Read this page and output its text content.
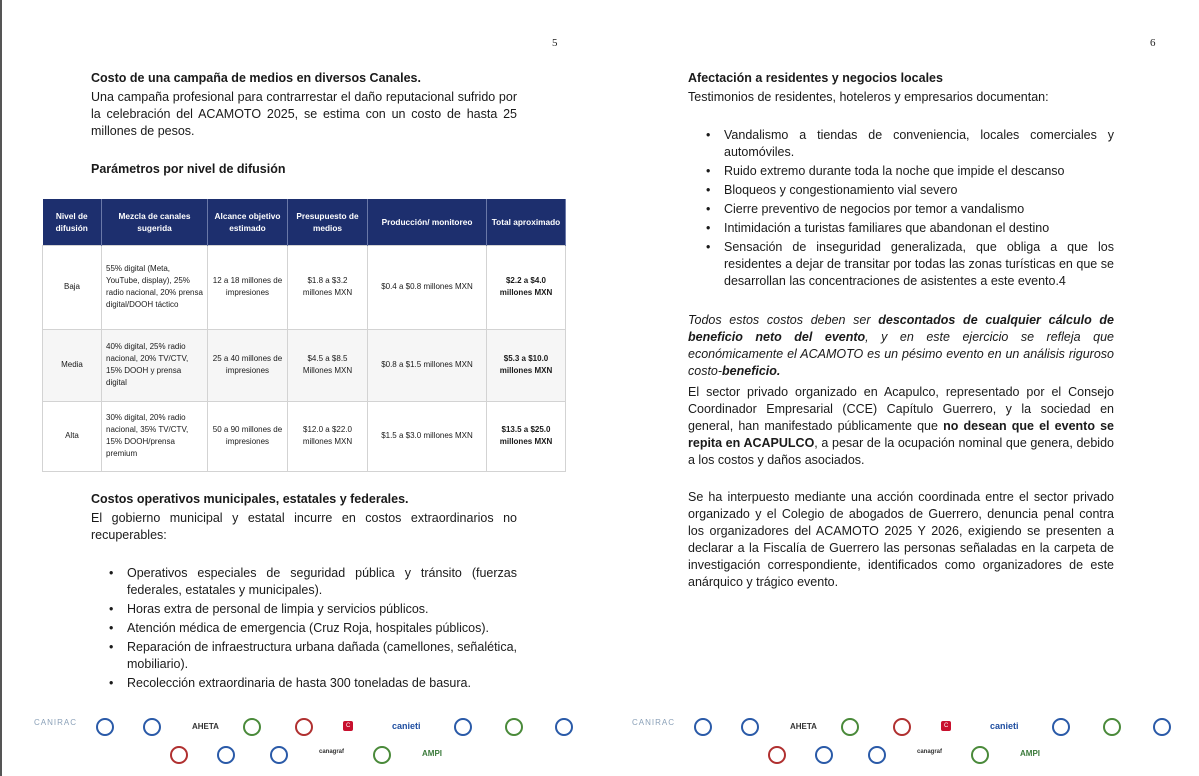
5
Costo de una campaña de medios en diversos Canales.
Una campaña profesional para contrarrestar el daño reputacional sufrido por la celebración del ACAMOTO 2025, se estima con un costo de hasta 25 millones de pesos.
Parámetros por nivel de difusión
Nivel de difusión	Mezcla de canales sugerida	Alcance objetivo estimado	Presupuesto de medios	Producción/ monitoreo	Total aproximado
Baja	55% digital (Meta, YouTube, display), 25% radio nacional, 20% prensa digital/DOOH táctico	12 a 18 millones de impresiones	$1.8 a $3.2 millones MXN	$0.4 a $0.8 millones MXN	$2.2 a $4.0 millones MXN
Media	40% digital, 25% radio nacional, 20% TV/CTV, 15% DOOH y prensa digital	25 a 40 millones de impresiones	$4.5 a $8.5 Millones MXN	$0.8 a $1.5 millones MXN	$5.3 a $10.0 millones MXN
Alta	30% digital, 20% radio nacional, 35% TV/CTV, 15% DOOH/prensa premium	50 a 90 millones de impresiones	$12.0 a $22.0 millones MXN	$1.5 a $3.0 millones MXN	$13.5 a $25.0 millones MXN
Costos operativos municipales, estatales y federales.
El gobierno municipal y estatal incurre en costos extraordinarios no recuperables:
• Operativos especiales de seguridad pública y tránsito (fuerzas federales, estatales y municipales).
• Horas extra de personal de limpia y servicios públicos.
• Atención médica de emergencia (Cruz Roja, hospitales públicos).
• Reparación de infraestructura urbana dañada (camellones, señalética, mobiliario).
• Recolección extraordinaria de hasta 300 toneladas de basura.
CANIRAC	AHETA	C	canieti
canagraf	AMPI
6
Afectación a residentes y negocios locales
Testimonios de residentes, hoteleros y empresarios documentan:
• Vandalismo a tiendas de conveniencia, locales comerciales y automóviles.
• Ruido extremo durante toda la noche que impide el descanso
• Bloqueos y congestionamiento vial severo
• Cierre preventivo de negocios por temor a vandalismo
• Intimidación a turistas familiares que abandonan el destino
• Sensación de inseguridad generalizada, que obliga a que los residentes a dejar de transitar por todas las zonas turísticas en que se desarrollan las concentraciones de asistentes a este evento.4
Todos estos costos deben ser descontados de cualquier cálculo de beneficio neto del evento, y en este ejercicio se refleja que económicamente el ACAMOTO es un pésimo evento en un análisis riguroso costo-beneficio.
El sector privado organizado en Acapulco, representado por el Consejo Coordinador Empresarial (CCE) Capítulo Guerrero, y la sociedad en general, han manifestado públicamente que no desean que el evento se repita en ACAPULCO, a pesar de la ocupación nominal que genera, debido a los costos y daños asociados.
Se ha interpuesto mediante una acción coordinada entre el sector privado organizado y el Colegio de abogados de Guerrero, denuncia penal contra los organizadores del ACAMOTO 2025 Y 2026, exigiendo se presenten a declarar a la Fiscalía de Guerrero las personas señaladas en la carpeta de investigación correspondiente, identificados como organizadores de este anárquico y trágico evento.
CANIRAC	AHETA	C	canieti
canagraf	AMPI
